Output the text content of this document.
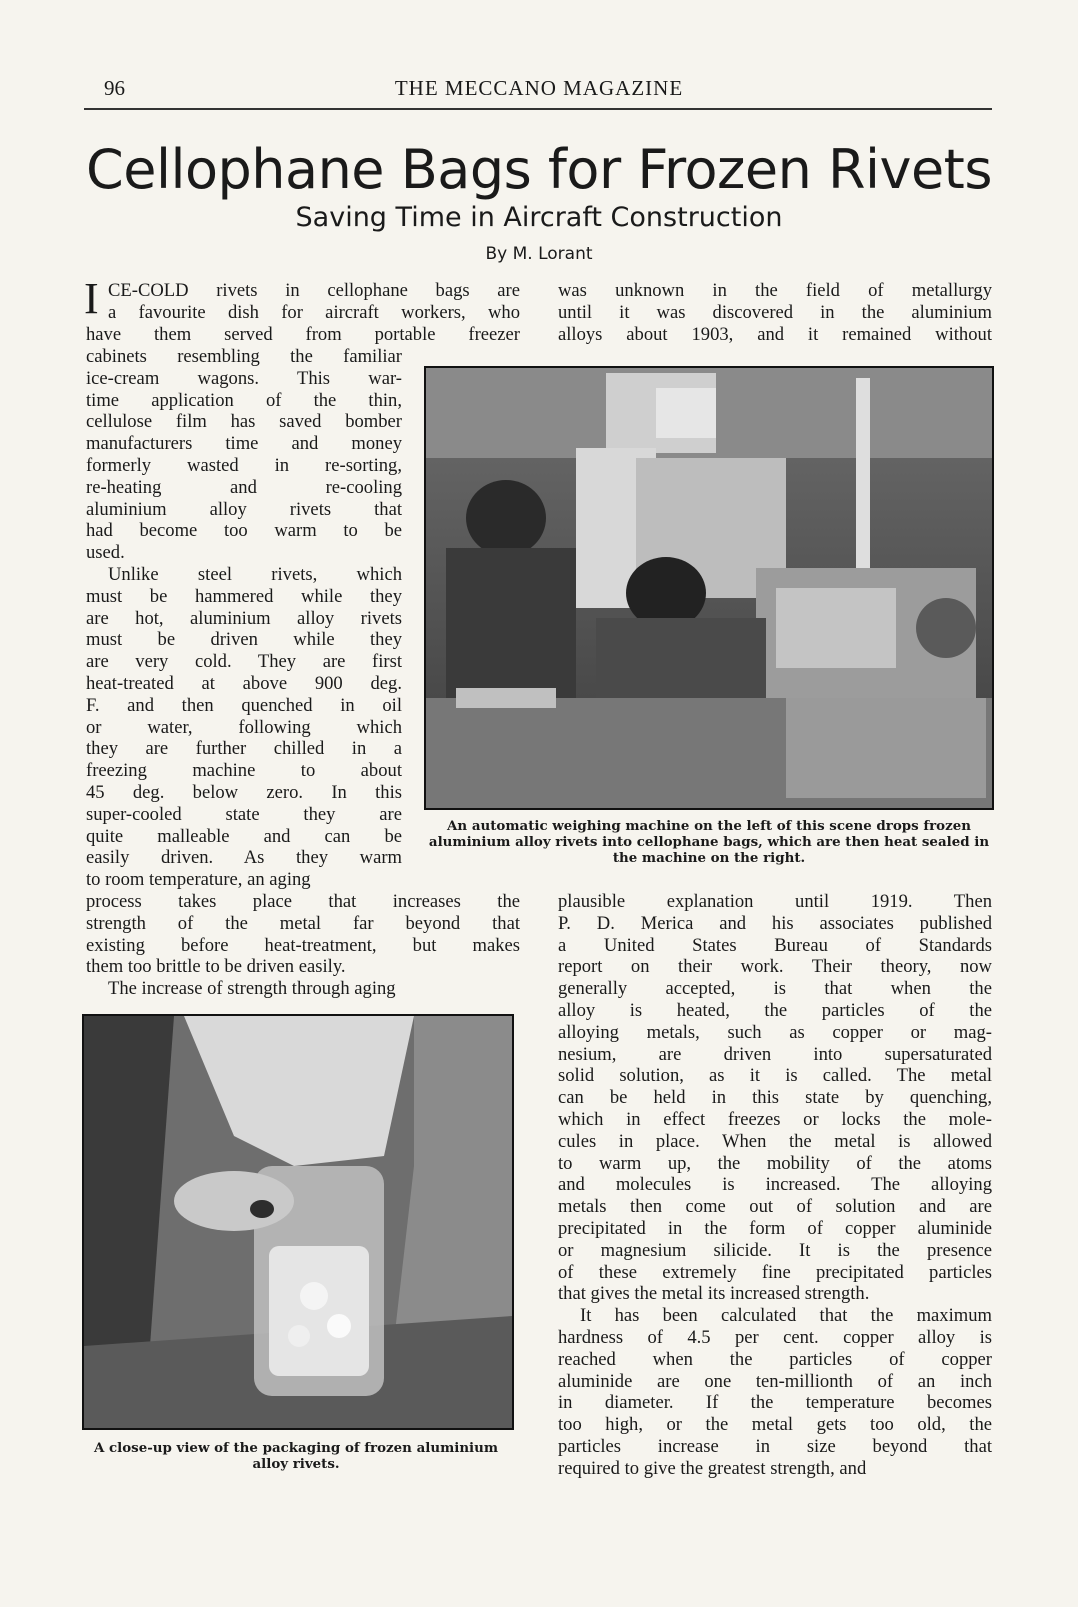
96	THE MECCANO MAGAZINE
Cellophane Bags for Frozen Rivets
Saving Time in Aircraft Construction
By M. Lorant
CE-COLD rivets in cellophane bags are
a favourite dish for aircraft workers, who
have them served from portable freezer
I
cabinets resembling the familiar
ice-cream wagons. This war-
time application of the thin,
cellulose film has saved bomber
manufacturers time and money
formerly wasted in re-sorting,
re-heating and re-cooling
aluminium alloy rivets that
had become too warm to be
used.
Unlike steel rivets, which
must be hammered while they
are hot, aluminium alloy rivets
must be driven while they
are very cold. They are first
heat-treated at above 900 deg.
F. and then quenched in oil
or water, following which
they are further chilled in a
freezing machine to about
45 deg. below zero. In this
super-cooled state they are
quite malleable and can be
easily driven. As they warm
to room temperature, an aging
process takes place that increases the
strength of the metal far beyond that
existing before heat-treatment, but makes
them too brittle to be driven easily.
The increase of strength through aging
was unknown in the field of metallurgy
until it was discovered in the aluminium
alloys about 1903, and it remained without
plausible explanation until 1919. Then
P. D. Merica and his associates published
a United States Bureau of Standards
report on their work. Their theory, now
generally accepted, is that when the
alloy is heated, the particles of the
alloying metals, such as copper or mag-
nesium, are driven into supersaturated
solid solution, as it is called. The metal
can be held in this state by quenching,
which in effect freezes or locks the mole-
cules in place. When the metal is allowed
to warm up, the mobility of the atoms
and molecules is increased. The alloying
metals then come out of solution and are
precipitated in the form of copper aluminide
or magnesium silicide. It is the presence
of these extremely fine precipitated particles
that gives the metal its increased strength.
It has been calculated that the maximum
hardness of 4.5 per cent. copper alloy is
reached when the particles of copper
aluminide are one ten-millionth of an inch
in diameter. If the temperature becomes
too high, or the metal gets too old, the
particles increase in size beyond that
required to give the greatest strength, and
An automatic weighing machine on the left of this scene drops frozen aluminium alloy rivets into cellophane bags, which are then heat sealed in the machine on the right.
A close-up view of the packaging of frozen aluminium alloy rivets.
